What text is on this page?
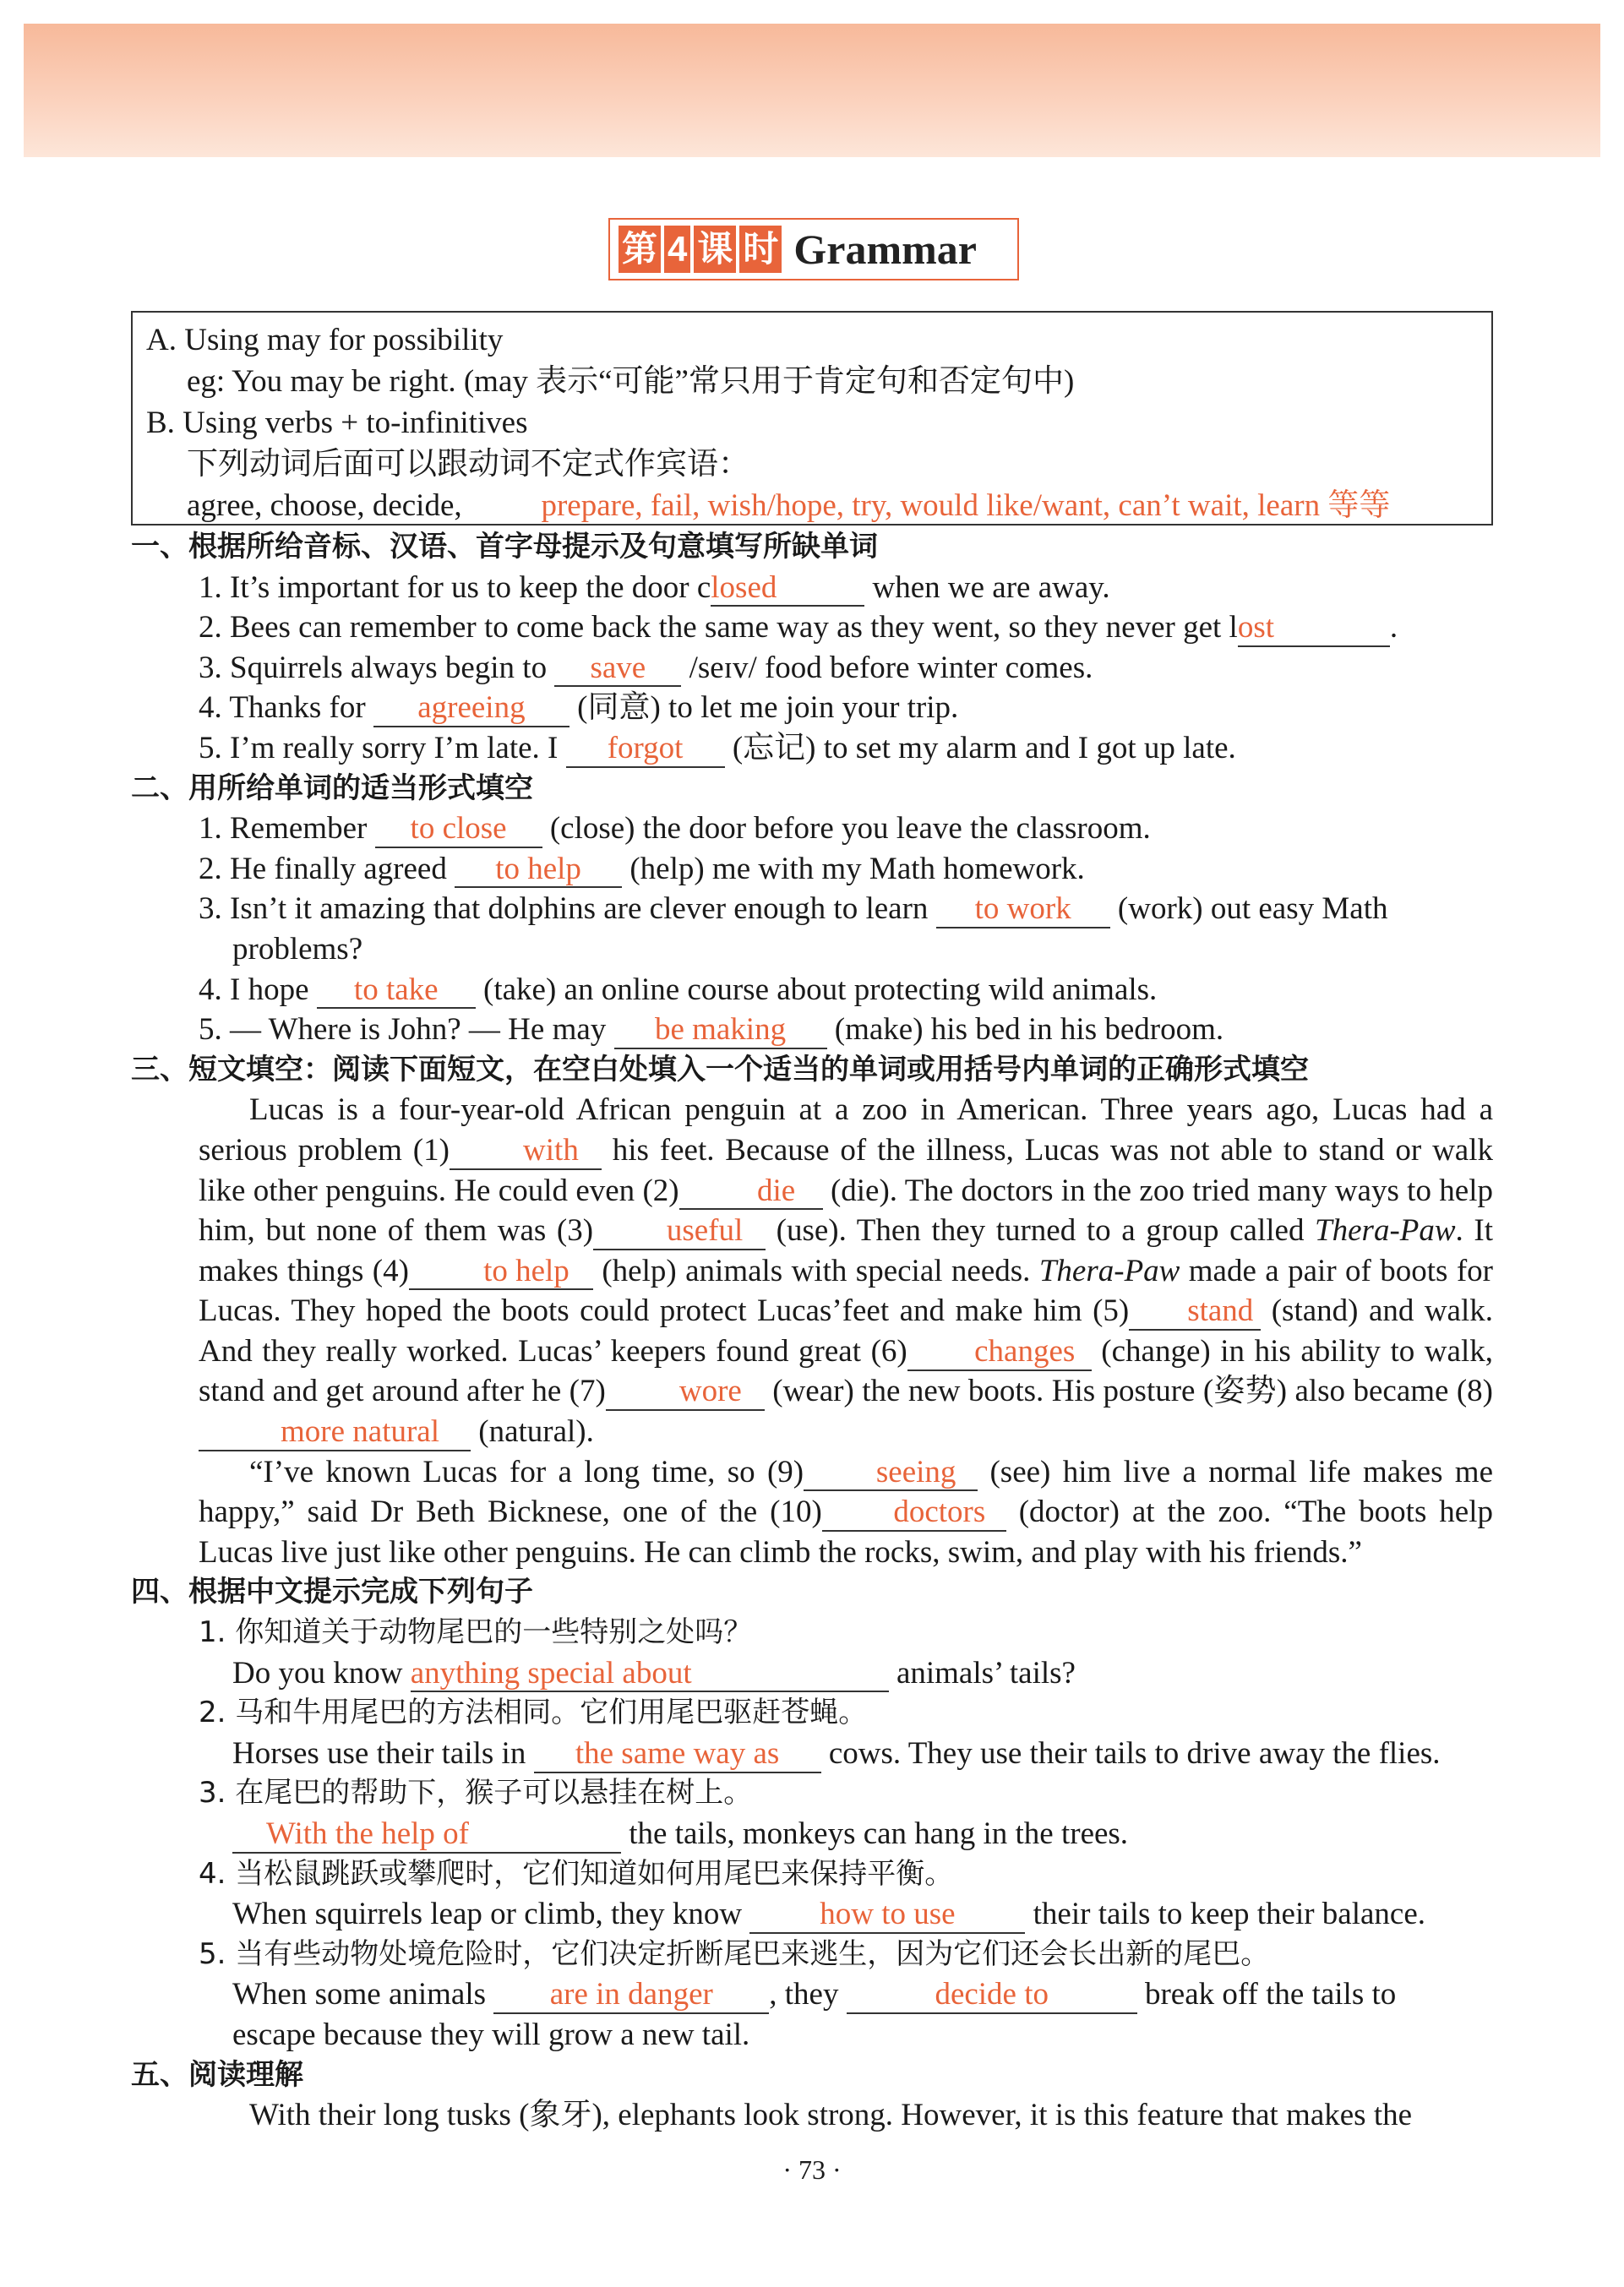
第 4 课 时 Grammar
A. Using may for possibility
eg: You may be right. (may 表示“可能”常只用于肯定句和否定句中)
B. Using verbs + to-infinitives
下列动词后面可以跟动词不定式作宾语：
agree, choose, decide,	prepare, fail, wish/hope, try, would like/want, can’t wait, learn 等等
一、根据所给音标、汉语、首字母提示及句意填写所缺单词
1. It’s important for us to keep the door closed	when we are away.
2. Bees can remember to come back the same way as they went, so they never get lost	.
3. Squirrels always begin to save /seɪv/ food before winter comes.
4. Thanks for agreeing (同意) to let me join your trip.
5. I’m really sorry I’m late. I forgot (忘记) to set my alarm and I got up late.
二、用所给单词的适当形式填空
1. Remember to close (close) the door before you leave the classroom.
2. He finally agreed to help (help) me with my Math homework.
3. Isn’t it amazing that dolphins are clever enough to learn to work (work) out easy Math
problems?
4. I hope to take (take) an online course about protecting wild animals.
5. — Where is John? — He may be making (make) his bed in his bedroom.
三、短文填空：阅读下面短文，在空白处填入一个适当的单词或用括号内单词的正确形式填空
Lucas is a four-year-old African penguin at a zoo in American. Three years ago, Lucas had a serious problem (1) with his feet. Because of the illness, Lucas was not able to stand or walk like other penguins. He could even (2) die (die). The doctors in the zoo tried many ways to help him, but none of them was (3) useful (use). Then they turned to a group called Thera-Paw. It makes things (4) to help (help) animals with special needs. Thera-Paw made a pair of boots for Lucas. They hoped the boots could protect Lucas’feet and make him (5) stand (stand) and walk. And they really worked. Lucas’ keepers found great (6) changes (change) in his ability to walk, stand and get around after he (7) wore (wear) the new boots. His posture (姿势) also became (8)more natural (natural).
“I’ve known Lucas for a long time, so (9) seeing (see) him live a normal life makes me happy,” said Dr Beth Bicknese, one of the (10) doctors (doctor) at the zoo. “The boots help Lucas live just like other penguins. He can climb the rocks, swim, and play with his friends.”
四、根据中文提示完成下列句子
1. 你知道关于动物尾巴的一些特别之处吗？
Do you know anything special about	animals’ tails?
2. 马和牛用尾巴的方法相同。它们用尾巴驱赶苍蝇。
Horses use their tails in the same way as cows. They use their tails to drive away the flies.
3. 在尾巴的帮助下，猴子可以悬挂在树上。
With the help of	the tails, monkeys can hang in the trees.
4. 当松鼠跳跃或攀爬时，它们知道如何用尾巴来保持平衡。
When squirrels leap or climb, they know how to use their tails to keep their balance.
5. 当有些动物处境危险时，它们决定折断尾巴来逃生，因为它们还会长出新的尾巴。
When some animals are in danger , they	decide to	break off the tails to
escape because they will grow a new tail.
五、阅读理解
With their long tusks (象牙), elephants look strong. However, it is this feature that makes the
· 73 ·
